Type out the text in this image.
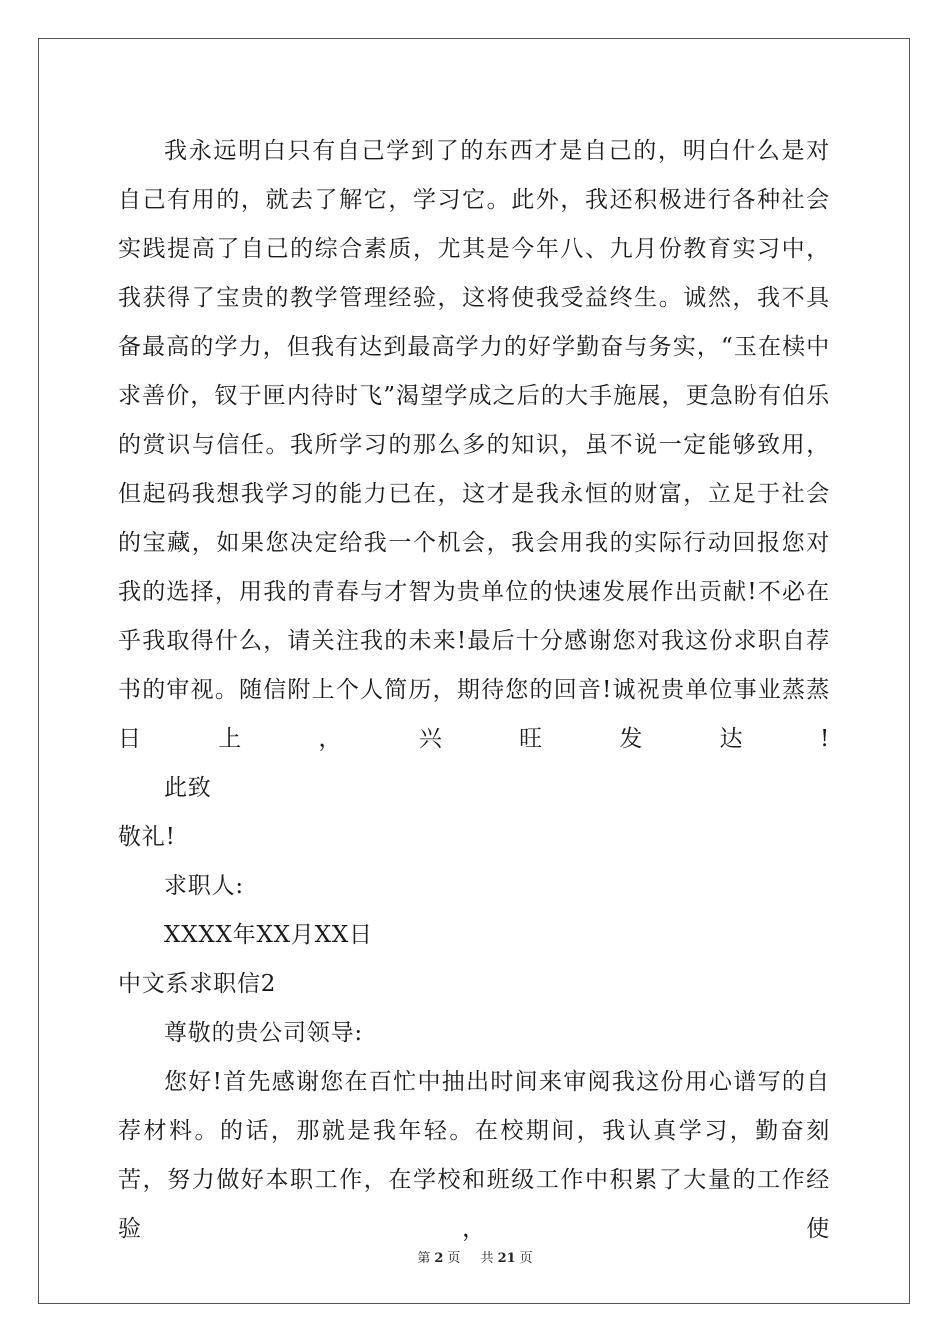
我永远明白只有自己学到了的东西才是自己的，明白什么是对自己有用的，就去了解它，学习它。此外，我还积极进行各种社会实践提高了自己的综合素质，尤其是今年八、九月份教育实习中，我获得了宝贵的教学管理经验，这将使我受益终生。诚然，我不具备最高的学力，但我有达到最高学力的好学勤奋与务实，“玉在椟中求善价，钗于匣内待时飞”渴望学成之后的大手施展，更急盼有伯乐的赏识与信任。我所学习的那么多的知识，虽不说一定能够致用，但起码我想我学习的能力已在，这才是我永恒的财富，立足于社会的宝藏，如果您决定给我一个机会，我会用我的实际行动回报您对我的选择，用我的青春与才智为贵单位的快速发展作出贡献!不必在乎我取得什么，请关注我的未来!最后十分感谢您对我这份求职自荐书的审视。随信附上个人简历，期待您的回音!诚祝贵单位事业蒸蒸日上，兴旺发达!

此致

敬礼!

求职人:

XXXX年XX月XX日

中文系求职信2

尊敬的贵公司领导:

您好!首先感谢您在百忙中抽出时间来审阅我这份用心谱写的自荐材料。的话，那就是我年轻。在校期间，我认真学习，勤奋刻苦，努力做好本职工作，在学校和班级工作中积累了大量的工作经验，使

第 2 页 共 21 页
